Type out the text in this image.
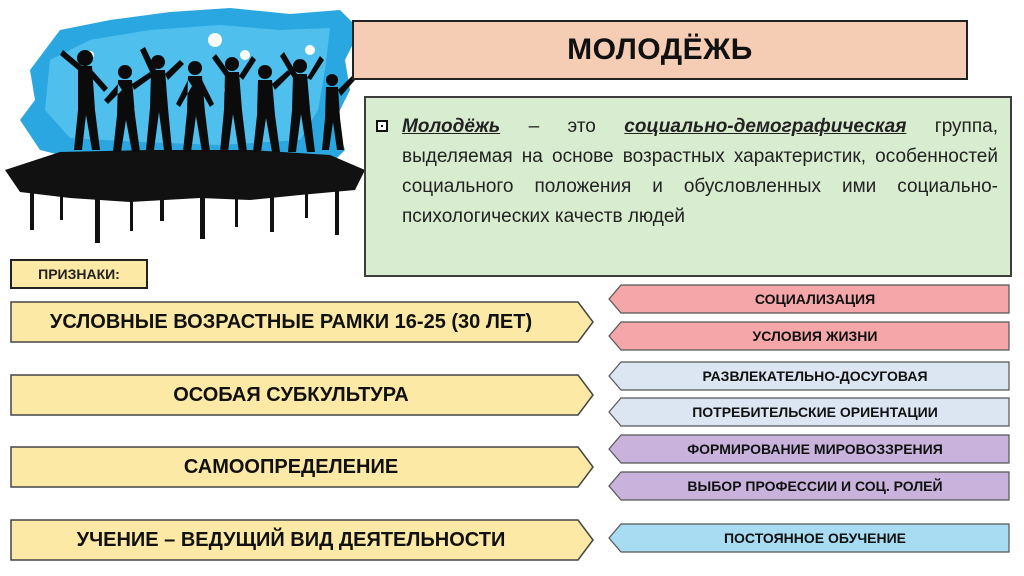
МОЛОДЁЖЬ
Молодёжь – это социально-демографическая группа, выделяемая на основе возрастных характеристик, особенностей социального положения и обусловленных ими социально-психологических качеств людей
ПРИЗНАКИ:
УСЛОВНЫЕ ВОЗРАСТНЫЕ РАМКИ 16-25 (30 ЛЕТ)
ОСОБАЯ СУБКУЛЬТУРА
САМООПРЕДЕЛЕНИЕ
УЧЕНИЕ – ВЕДУЩИЙ ВИД ДЕЯТЕЛЬНОСТИ
СОЦИАЛИЗАЦИЯ
УСЛОВИЯ ЖИЗНИ
РАЗВЛЕКАТЕЛЬНО-ДОСУГОВАЯ
ПОТРЕБИТЕЛЬСКИЕ ОРИЕНТАЦИИ
ФОРМИРОВАНИЕ МИРОВОЗЗРЕНИЯ
ВЫБОР ПРОФЕССИИ И СОЦ. РОЛЕЙ
ПОСТОЯННОЕ ОБУЧЕНИЕ
